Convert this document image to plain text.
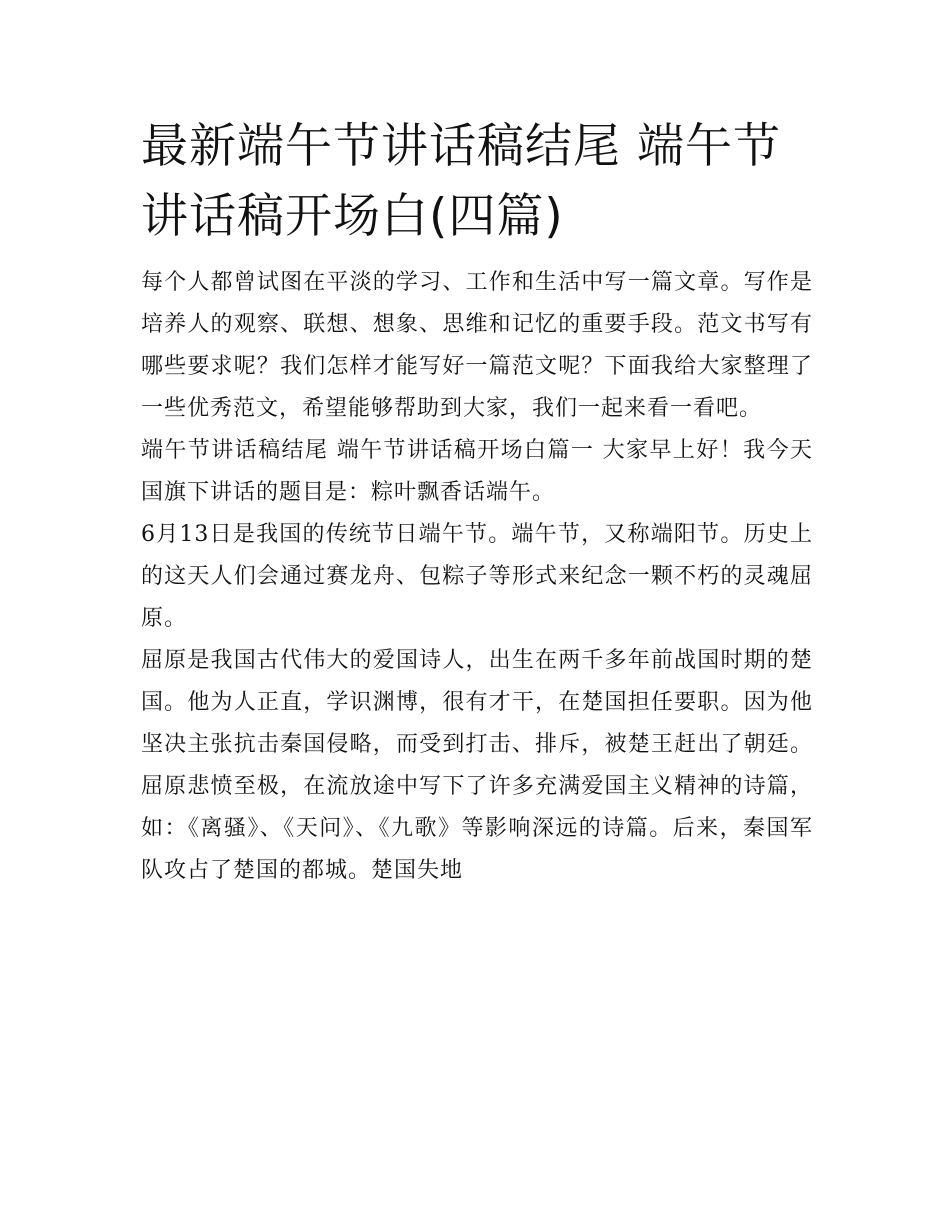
最新端午节讲话稿结尾 端午节讲话稿开场白(四篇)

每个人都曾试图在平淡的学习、工作和生活中写一篇文章。写作是培养人的观察、联想、想象、思维和记忆的重要手段。范文书写有哪些要求呢？我们怎样才能写好一篇范文呢？下面我给大家整理了一些优秀范文，希望能够帮助到大家，我们一起来看一看吧。

端午节讲话稿结尾 端午节讲话稿开场白篇一 大家早上好！我今天国旗下讲话的题目是：粽叶飘香话端午。

6月13日是我国的传统节日端午节。端午节，又称端阳节。历史上的这天人们会通过赛龙舟、包粽子等形式来纪念一颗不朽的灵魂屈原。

屈原是我国古代伟大的爱国诗人，出生在两千多年前战国时期的楚国。他为人正直，学识渊博，很有才干，在楚国担任要职。因为他坚决主张抗击秦国侵略，而受到打击、排斥，被楚王赶出了朝廷。屈原悲愤至极，在流放途中写下了许多充满爱国主义精神的诗篇，如：《离骚》、《天问》、《九歌》等影响深远的诗篇。后来，秦国军队攻占了楚国的都城。楚国失地
